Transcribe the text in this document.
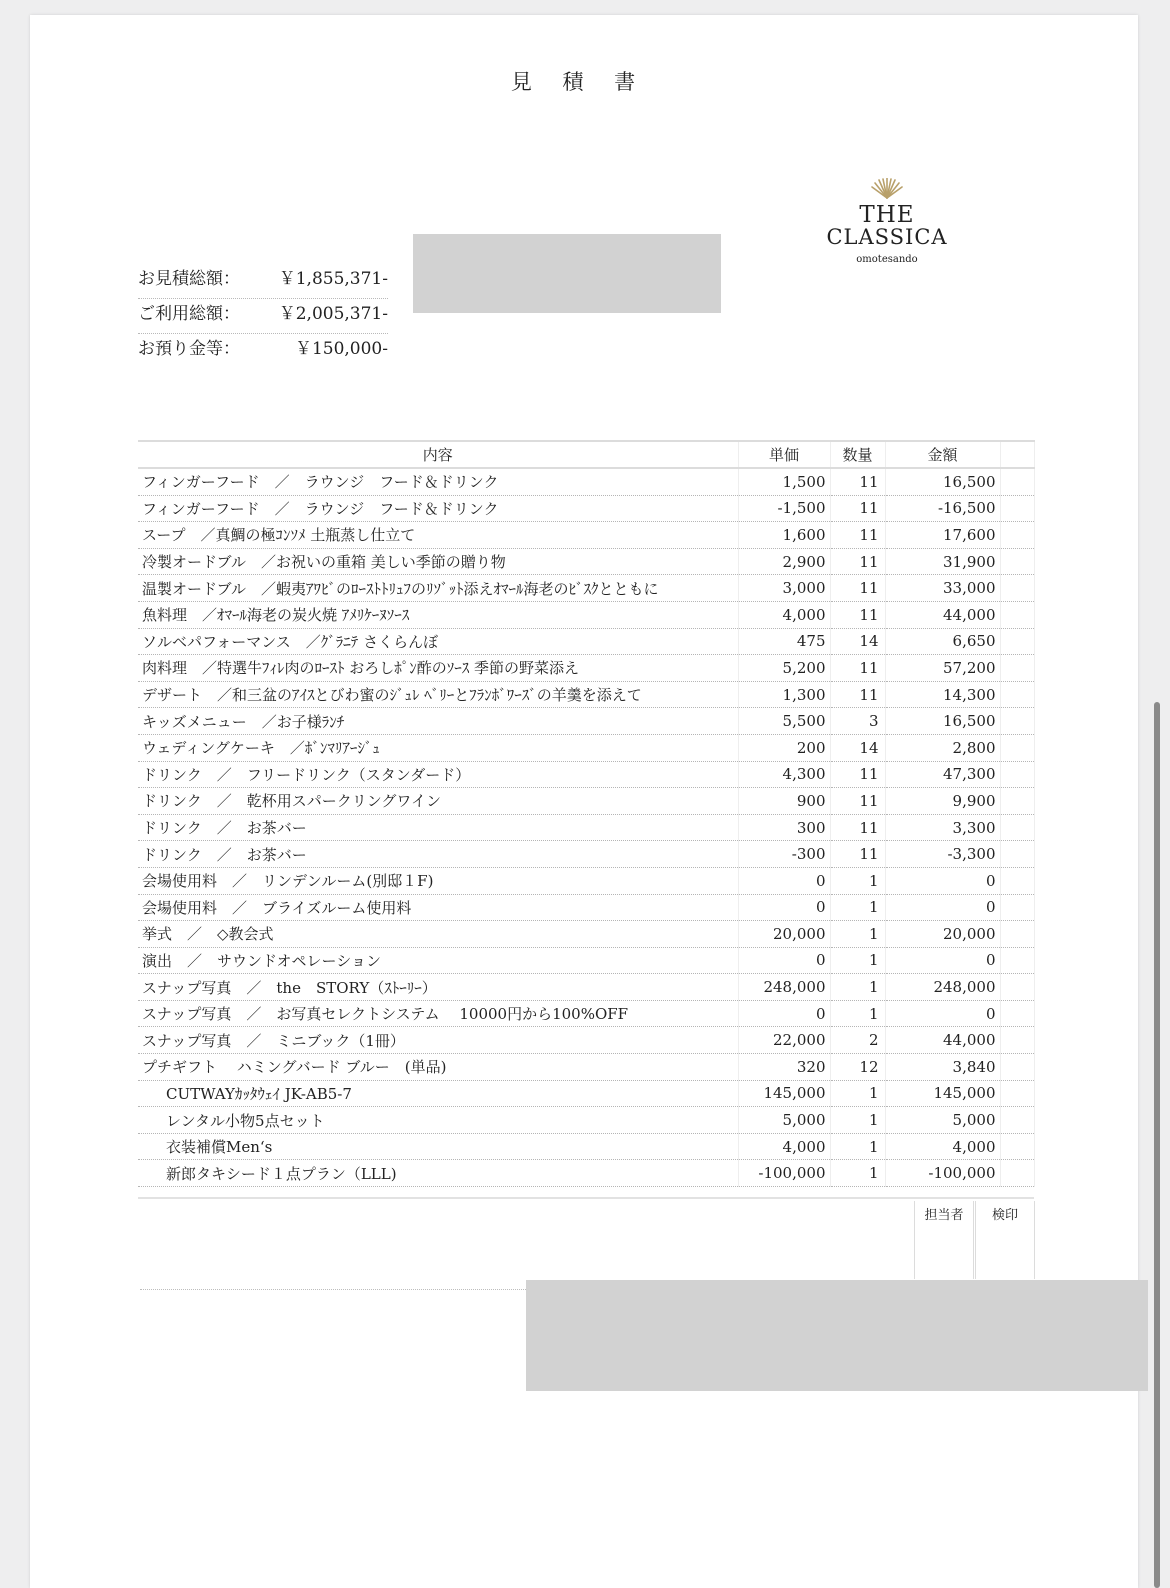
見 積 書
THE
CLASSICA
omotesando
お見積総額：	￥1,855,371-
ご利用総額：	￥2,005,371-
お預り金等：	￥150,000-
内容	単価	数量	金額	
フィンガーフード　／　ラウンジ　フード＆ドリンク	1,500	11	16,500	
フィンガーフード　／　ラウンジ　フード＆ドリンク	-1,500	11	-16,500	
スープ　／真鯛の極ｺﾝｿﾒ 土瓶蒸し仕立て	1,600	11	17,600	
冷製オードブル　／お祝いの重箱 美しい季節の贈り物	2,900	11	31,900	
温製オードブル　／蝦夷ｱﾜﾋﾞのﾛｰｽﾄﾄﾘｭﾌのﾘｿﾞｯﾄ添えｵﾏｰﾙ海老のﾋﾞｽｸとともに	3,000	11	33,000	
魚料理　／ｵﾏｰﾙ海老の炭火焼 ｱﾒﾘｹｰﾇｿｰｽ	4,000	11	44,000	
ソルベパフォーマンス　／ｸﾞﾗﾆﾃ さくらんぼ	475	14	6,650	
肉料理　／特選牛ﾌｨﾚ肉のﾛｰｽﾄ おろしﾎﾟﾝ酢のｿｰｽ 季節の野菜添え	5,200	11	57,200	
デザート　／和三盆のｱｲｽとびわ蜜のｼﾞｭﾚ ﾍﾞﾘｰとﾌﾗﾝﾎﾞﾜｰｽﾞの羊羹を添えて	1,300	11	14,300	
キッズメニュー　／お子様ﾗﾝﾁ	5,500	3	16,500	
ウェディングケーキ　／ﾎﾞﾝﾏﾘｱｰｼﾞｭ	200	14	2,800	
ドリンク　／　フリードリンク（スタンダード）	4,300	11	47,300	
ドリンク　／　乾杯用スパークリングワイン	900	11	9,900	
ドリンク　／　お茶バー	300	11	3,300	
ドリンク　／　お茶バー	-300	11	-3,300	
会場使用料　／　リンデンルーム(別邸１F)	0	1	0	
会場使用料　／　ブライズルーム使用料	0	1	0	
挙式　／　◇教会式	20,000	1	20,000	
演出　／　サウンドオペレーション	0	1	0	
スナップ写真　／　the　STORY（ｽﾄｰﾘｰ）	248,000	1	248,000	
スナップ写真　／　お写真セレクトシステム　 10000円から100%OFF	0	1	0	
スナップ写真　／　ミニブック（1冊）	22,000	2	44,000	
プチギフト　 ハミングバード ブルー　(単品)	320	12	3,840	
CUTWAYｶｯﾀｳｪｲ JK-AB5-7	145,000	1	145,000	
レンタル小物5点セット	5,000	1	5,000	
衣装補償Men‘s	4,000	1	4,000	
新郎タキシード１点プラン（LLL)	-100,000	1	-100,000	
担当者	検印
